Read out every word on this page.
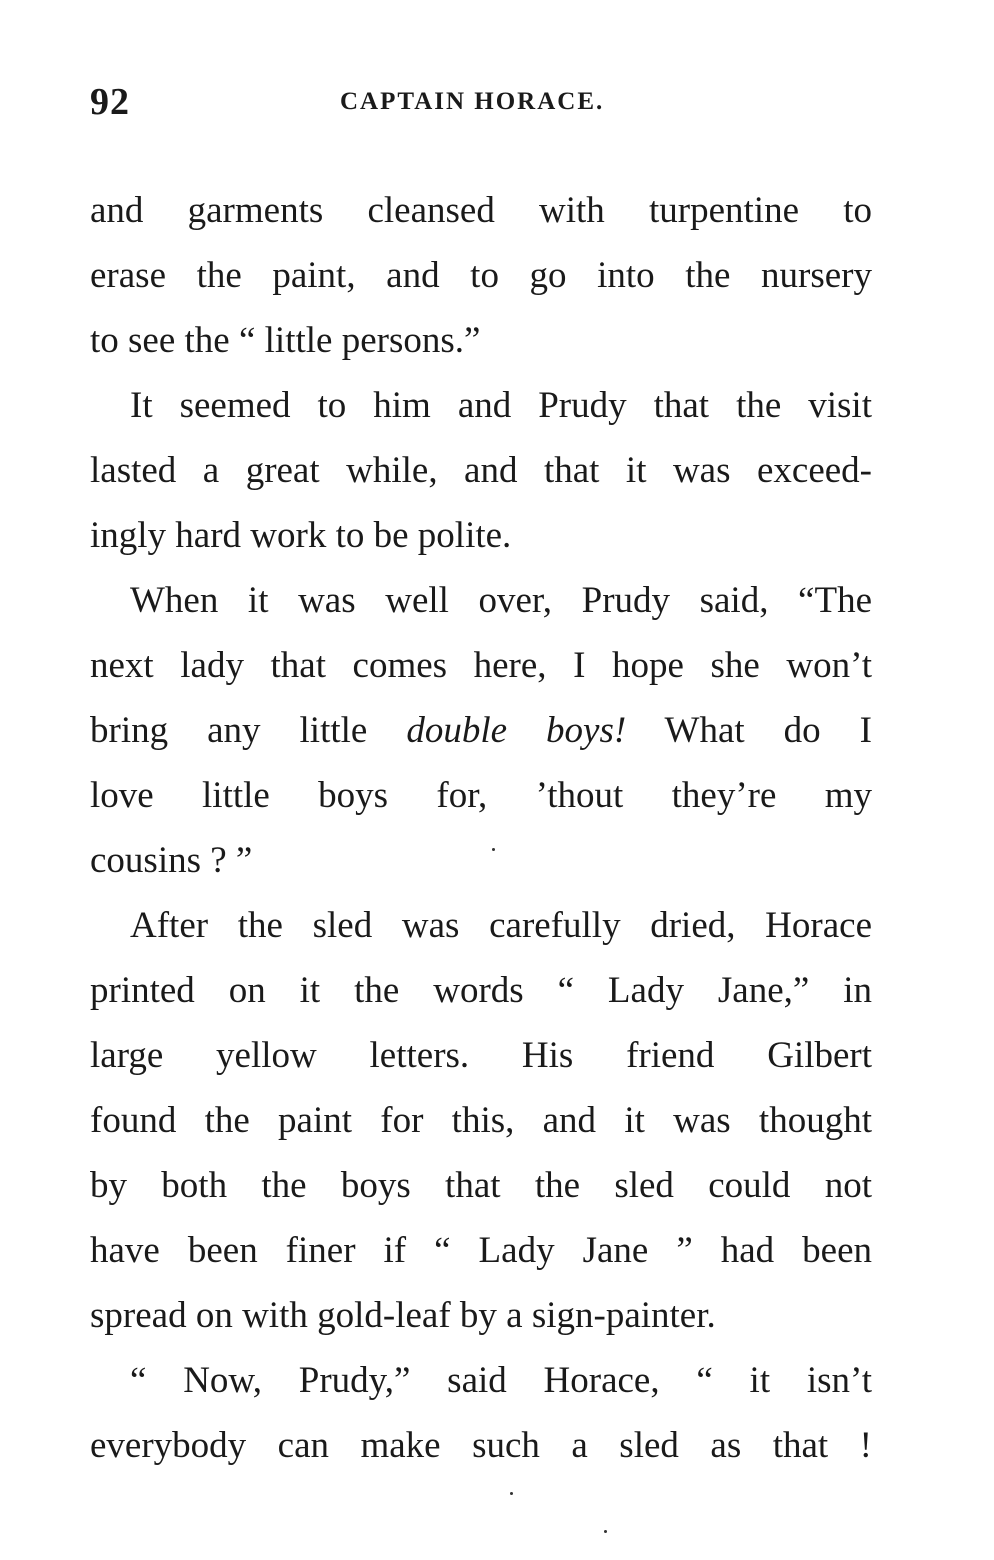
92	CAPTAIN HORACE.
and garments cleansed with turpentine to
erase the paint, and to go into the nursery
to see the “ little persons.”
It seemed to him and Prudy that the visit
lasted a great while, and that it was exceed-
ingly hard work to be polite.
When it was well over, Prudy said, “The
next lady that comes here, I hope she won’t
bring any little double boys! What do I
love little boys for, ’thout they’re my
cousins ? ”
After the sled was carefully dried, Horace
printed on it the words “ Lady Jane,” in
large yellow letters. His friend Gilbert
found the paint for this, and it was thought
by both the boys that the sled could not
have been finer if “ Lady Jane ” had been
spread on with gold-leaf by a sign-painter.
“ Now, Prudy,” said Horace, “ it isn’t
everybody can make such a sled as that !
